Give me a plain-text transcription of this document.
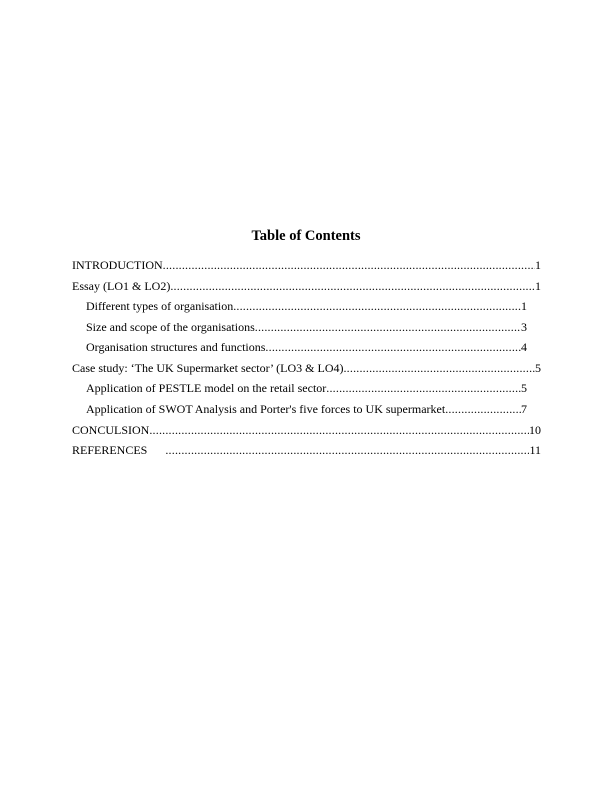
Table of Contents
INTRODUCTION .....	1
Essay (LO1 & LO2) .....	1
Different types of organisation .....	1
Size and scope of the organisations .....	3
Organisation structures and functions .....	4
Case study: ‘The UK Supermarket sector’ (LO3 & LO4) .....	5
Application of PESTLE model on the retail sector .....	5
Application of SWOT Analysis and Porter's five forces to UK supermarket .....	7
CONCULSION .....	10
REFERENCES .....	11
